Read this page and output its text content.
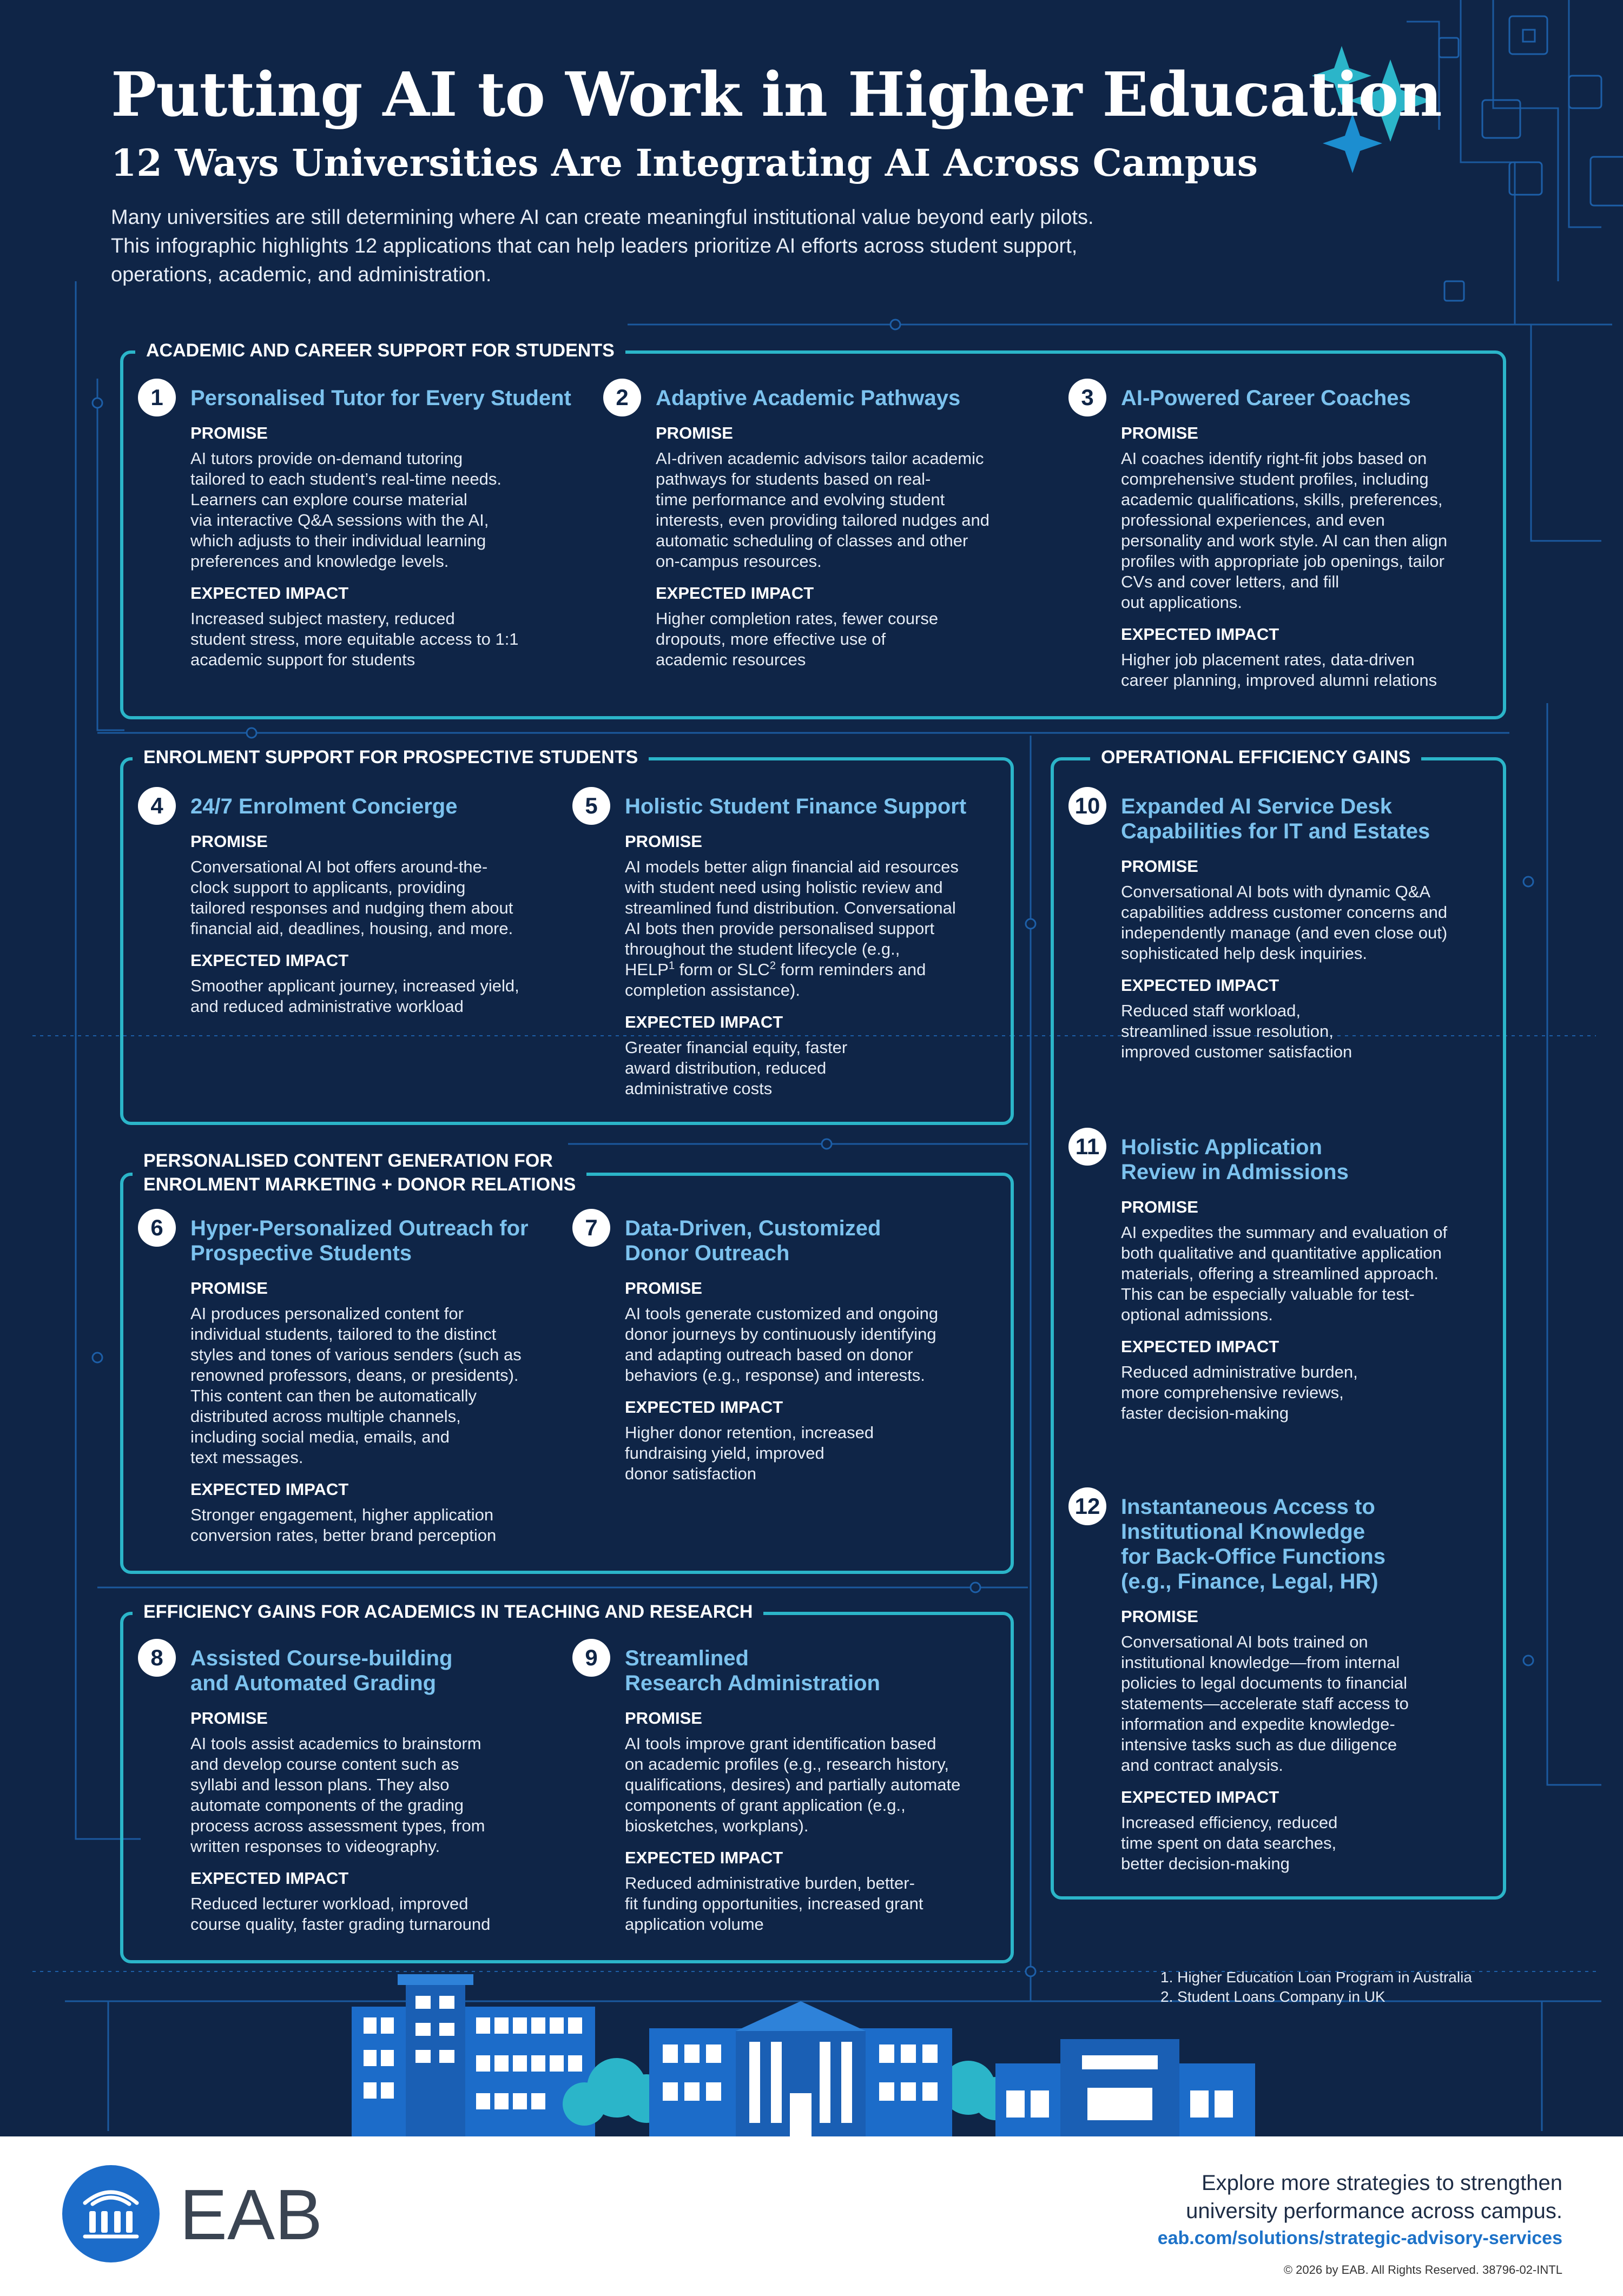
Putting AI to Work in Higher Education
12 Ways Universities Are Integrating AI Across Campus

Many universities are still determining where AI can create meaningful institutional value beyond early pilots.

This infographic highlights 12 applications that can help leaders prioritize AI efforts across student support,

operations, academic, and administration.

ACADEMIC AND CAREER SUPPORT FOR STUDENTS
ENROLMENT SUPPORT FOR PROSPECTIVE STUDENTS	OPERATIONAL EFFICIENCY GAINS
PERSONALISED CONTENT GENERATION FOR
ENROLMENT MARKETING + DONOR RELATIONS
EFFICIENCY GAINS FOR ACADEMICS IN TEACHING AND RESEARCH
1	Personalised Tutor for Every Student
PROMISE
AI tutors provide on-demand tutoring
tailored to each student’s real-time needs.
Learners can explore course material
via interactive Q&A sessions with the AI,
which adjusts to their individual learning
preferences and knowledge levels.
EXPECTED IMPACT
Increased subject mastery, reduced
student stress, more equitable access to 1:1
academic support for students
2	Adaptive Academic Pathways
PROMISE
AI-driven academic advisors tailor academic
pathways for students based on real-
time performance and evolving student
interests, even providing tailored nudges and
automatic scheduling of classes and other
on-campus resources.
EXPECTED IMPACT
Higher completion rates, fewer course
dropouts, more effective use of
academic resources
3	AI-Powered Career Coaches
PROMISE
AI coaches identify right-fit jobs based on
comprehensive student profiles, including
academic qualifications, skills, preferences,
professional experiences, and even
personality and work style. AI can then align
profiles with appropriate job openings, tailor
CVs and cover letters, and fill
out applications.
EXPECTED IMPACT
Higher job placement rates, data-driven
career planning, improved alumni relations
4	24/7 Enrolment Concierge
PROMISE
Conversational AI bot offers around-the-
clock support to applicants, providing
tailored responses and nudging them about
financial aid, deadlines, housing, and more.
EXPECTED IMPACT
Smoother applicant journey, increased yield,
and reduced administrative workload
5	Holistic Student Finance Support
PROMISE
AI models better align financial aid resources
with student need using holistic review and
streamlined fund distribution. Conversational
AI bots then provide personalised support
throughout the student lifecycle (e.g.,
HELP$^1$ form or SLC$^2$ form reminders and
completion assistance).
EXPECTED IMPACT
Greater financial equity, faster
award distribution, reduced
administrative costs
6	Hyper-Personalized Outreach for
Prospective Students
PROMISE
AI produces personalized content for
individual students, tailored to the distinct
styles and tones of various senders (such as
renowned professors, deans, or presidents).
This content can then be automatically
distributed across multiple channels,
including social media, emails, and
text messages.
EXPECTED IMPACT
Stronger engagement, higher application
conversion rates, better brand perception
7	Data-Driven, Customized
Donor Outreach
PROMISE
AI tools generate customized and ongoing
donor journeys by continuously identifying
and adapting outreach based on donor
behaviors (e.g., response) and interests.
EXPECTED IMPACT
Higher donor retention, increased
fundraising yield, improved
donor satisfaction
8	Assisted Course-building
and Automated Grading
PROMISE
AI tools assist academics to brainstorm
and develop course content such as
syllabi and lesson plans. They also
automate components of the grading
process across assessment types, from
written responses to videography.
EXPECTED IMPACT
Reduced lecturer workload, improved
course quality, faster grading turnaround
9	Streamlined
Research Administration
PROMISE
AI tools improve grant identification based
on academic profiles (e.g., research history,
qualifications, desires) and partially automate
components of grant application (e.g.,
biosketches, workplans).
EXPECTED IMPACT
Reduced administrative burden, better-
fit funding opportunities, increased grant
application volume
10 Expanded AI Service Desk
Capabilities for IT and Estates
PROMISE
Conversational AI bots with dynamic Q&A
capabilities address customer concerns and
independently manage (and even close out)
sophisticated help desk inquiries.
EXPECTED IMPACT
Reduced staff workload,
streamlined issue resolution,
improved customer satisfaction
11 Holistic Application
Review in Admissions
PROMISE
AI expedites the summary and evaluation of
both qualitative and quantitative application
materials, offering a streamlined approach.
This can be especially valuable for test-
optional admissions.
EXPECTED IMPACT
Reduced administrative burden,
more comprehensive reviews,
faster decision-making
12 Instantaneous Access to
Institutional Knowledge
for Back-Office Functions
(e.g., Finance, Legal, HR)
PROMISE
Conversational AI bots trained on
institutional knowledge—from internal
policies to legal documents to financial
statements—accelerate staff access to
information and expedite knowledge-
intensive tasks such as due diligence
and contract analysis.
EXPECTED IMPACT
Increased efficiency, reduced
time spent on data searches,
better decision-making
1. Higher Education Loan Program in Australia
2. Student Loans Company in UK
EAB	Explore more strategies to strengthen
university performance across campus.
eab.com/solutions/strategic-advisory-services
© 2026 by EAB. All Rights Reserved. 38796-02-INTL
